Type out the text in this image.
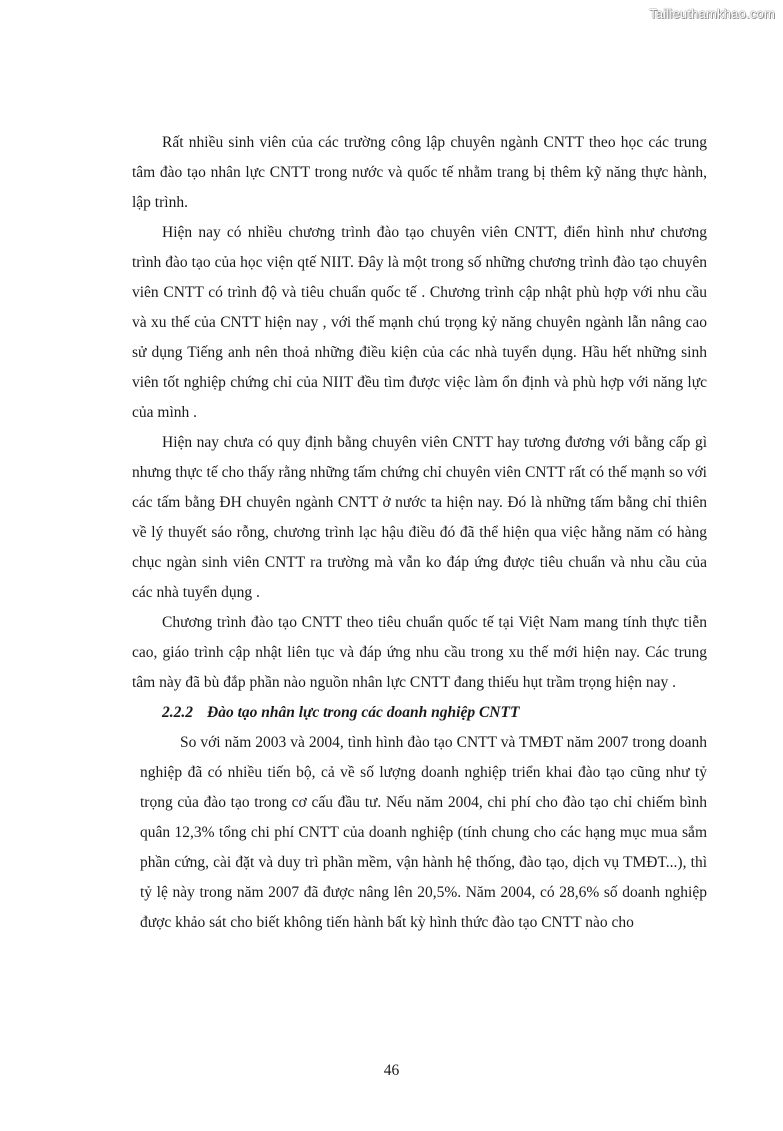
Tailieuthamkhao.com

Rất nhiều sinh viên của các trường công lập chuyên ngành CNTT theo học các trung tâm đào tạo nhân lực CNTT trong nước và quốc tế nhằm trang bị thêm kỹ năng thực hành, lập trình.

Hiện nay có nhiều chương trình đào tạo chuyên viên CNTT, điển hình như chương trình đào tạo của học viện qtế NIIT. Đây là một trong số những chương trình đào tạo chuyên viên CNTT có trình độ và tiêu chuẩn quốc tế . Chương trình cập nhật phù hợp với nhu cầu và xu thế của CNTT hiện nay , với thế mạnh chú trọng kỷ năng chuyên ngành lẫn nâng cao sử dụng Tiếng anh nên thoả những điều kiện của các nhà tuyển dụng. Hầu hết những sinh viên tốt nghiệp chứng chỉ của NIIT đều tìm được việc làm ổn định và phù hợp với năng lực của mình .

Hiện nay chưa có quy định bằng chuyên viên CNTT hay tương đương với bằng cấp gì nhưng thực tế cho thấy rằng những tấm chứng chỉ chuyên viên CNTT rất có thế mạnh so với các tấm bằng ĐH chuyên ngành CNTT ở nước ta hiện nay. Đó là những tấm bằng chỉ thiên về lý thuyết sáo rỗng, chương trình lạc hậu điều đó đã thể hiện qua việc hằng năm có hàng chục ngàn sinh viên CNTT ra trường mà vẫn ko đáp ứng được tiêu chuẩn và nhu cầu của các nhà tuyển dụng .

Chương trình đào tạo CNTT theo tiêu chuẩn quốc tế tại Việt Nam mang tính thực tiễn cao, giáo trình cập nhật liên tục và đáp ứng nhu cầu trong xu thế mới hiện nay. Các trung tâm này đã bù đắp phần nào nguồn nhân lực CNTT đang thiếu hụt trầm trọng hiện nay .

2.2.2 Đào tạo nhân lực trong các doanh nghiệp CNTT

So với năm 2003 và 2004, tình hình đào tạo CNTT và TMĐT năm 2007 trong doanh nghiệp đã có nhiều tiến bộ, cả về số lượng doanh nghiệp triển khai đào tạo cũng như tỷ trọng của đào tạo trong cơ cấu đầu tư. Nếu năm 2004, chi phí cho đào tạo chỉ chiếm bình quân 12,3% tổng chi phí CNTT của doanh nghiệp (tính chung cho các hạng mục mua sắm phần cứng, cài đặt và duy trì phần mềm, vận hành hệ thống, đào tạo, dịch vụ TMĐT...), thì tỷ lệ này trong năm 2007 đã được nâng lên 20,5%. Năm 2004, có 28,6% số doanh nghiệp được khảo sát cho biết không tiến hành bất kỳ hình thức đào tạo CNTT nào cho

46
